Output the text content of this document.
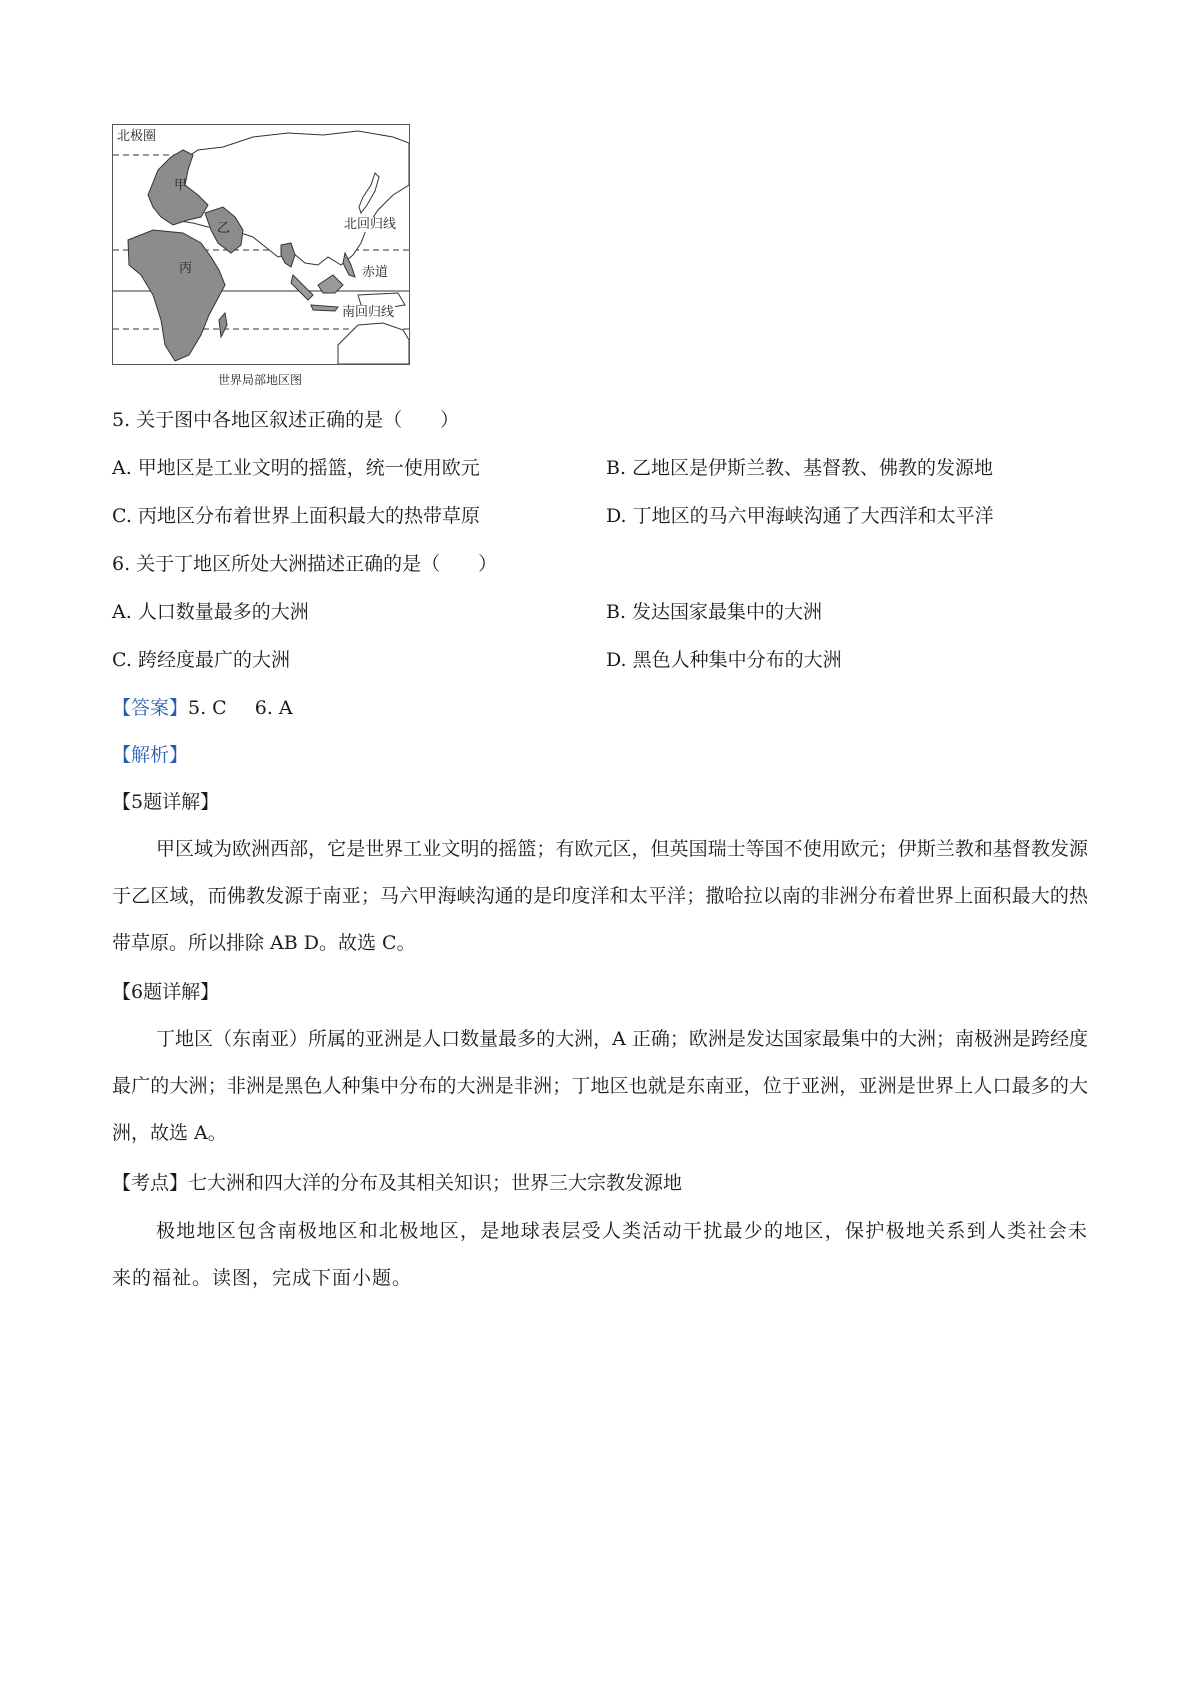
北极圈
北回归线
赤道
南回归线
甲
乙
丙
世界局部地区图
5. 关于图中各地区叙述正确的是（　　）
A. 甲地区是工业文明的摇篮，统一使用欧元	B. 乙地区是伊斯兰教、基督教、佛教的发源地
C. 丙地区分布着世界上面积最大的热带草原	D. 丁地区的马六甲海峡沟通了大西洋和太平洋
6. 关于丁地区所处大洲描述正确的是（　　）
A. 人口数量最多的大洲	B. 发达国家最集中的大洲
C. 跨经度最广的大洲	D. 黑色人种集中分布的大洲
【答案】5. C 6. A
【解析】
【5题详解】
甲区域为欧洲西部，它是世界工业文明的摇篮；有欧元区，但英国瑞士等国不使用欧元；伊斯兰教和基督教发源于乙区域，而佛教发源于南亚；马六甲海峡沟通的是印度洋和太平洋；撒哈拉以南的非洲分布着世界上面积最大的热带草原。所以排除 AB D。故选 C。
【6题详解】
丁地区（东南亚）所属的亚洲是人口数量最多的大洲，A 正确；欧洲是发达国家最集中的大洲；南极洲是跨经度最广的大洲；非洲是黑色人种集中分布的大洲是非洲；丁地区也就是东南亚，位于亚洲，亚洲是世界上人口最多的大洲，故选 A。
【考点】七大洲和四大洋的分布及其相关知识；世界三大宗教发源地
极地地区包含南极地区和北极地区，是地球表层受人类活动干扰最少的地区，保护极地关系到人类社会未来的福祉。读图，完成下面小题。
